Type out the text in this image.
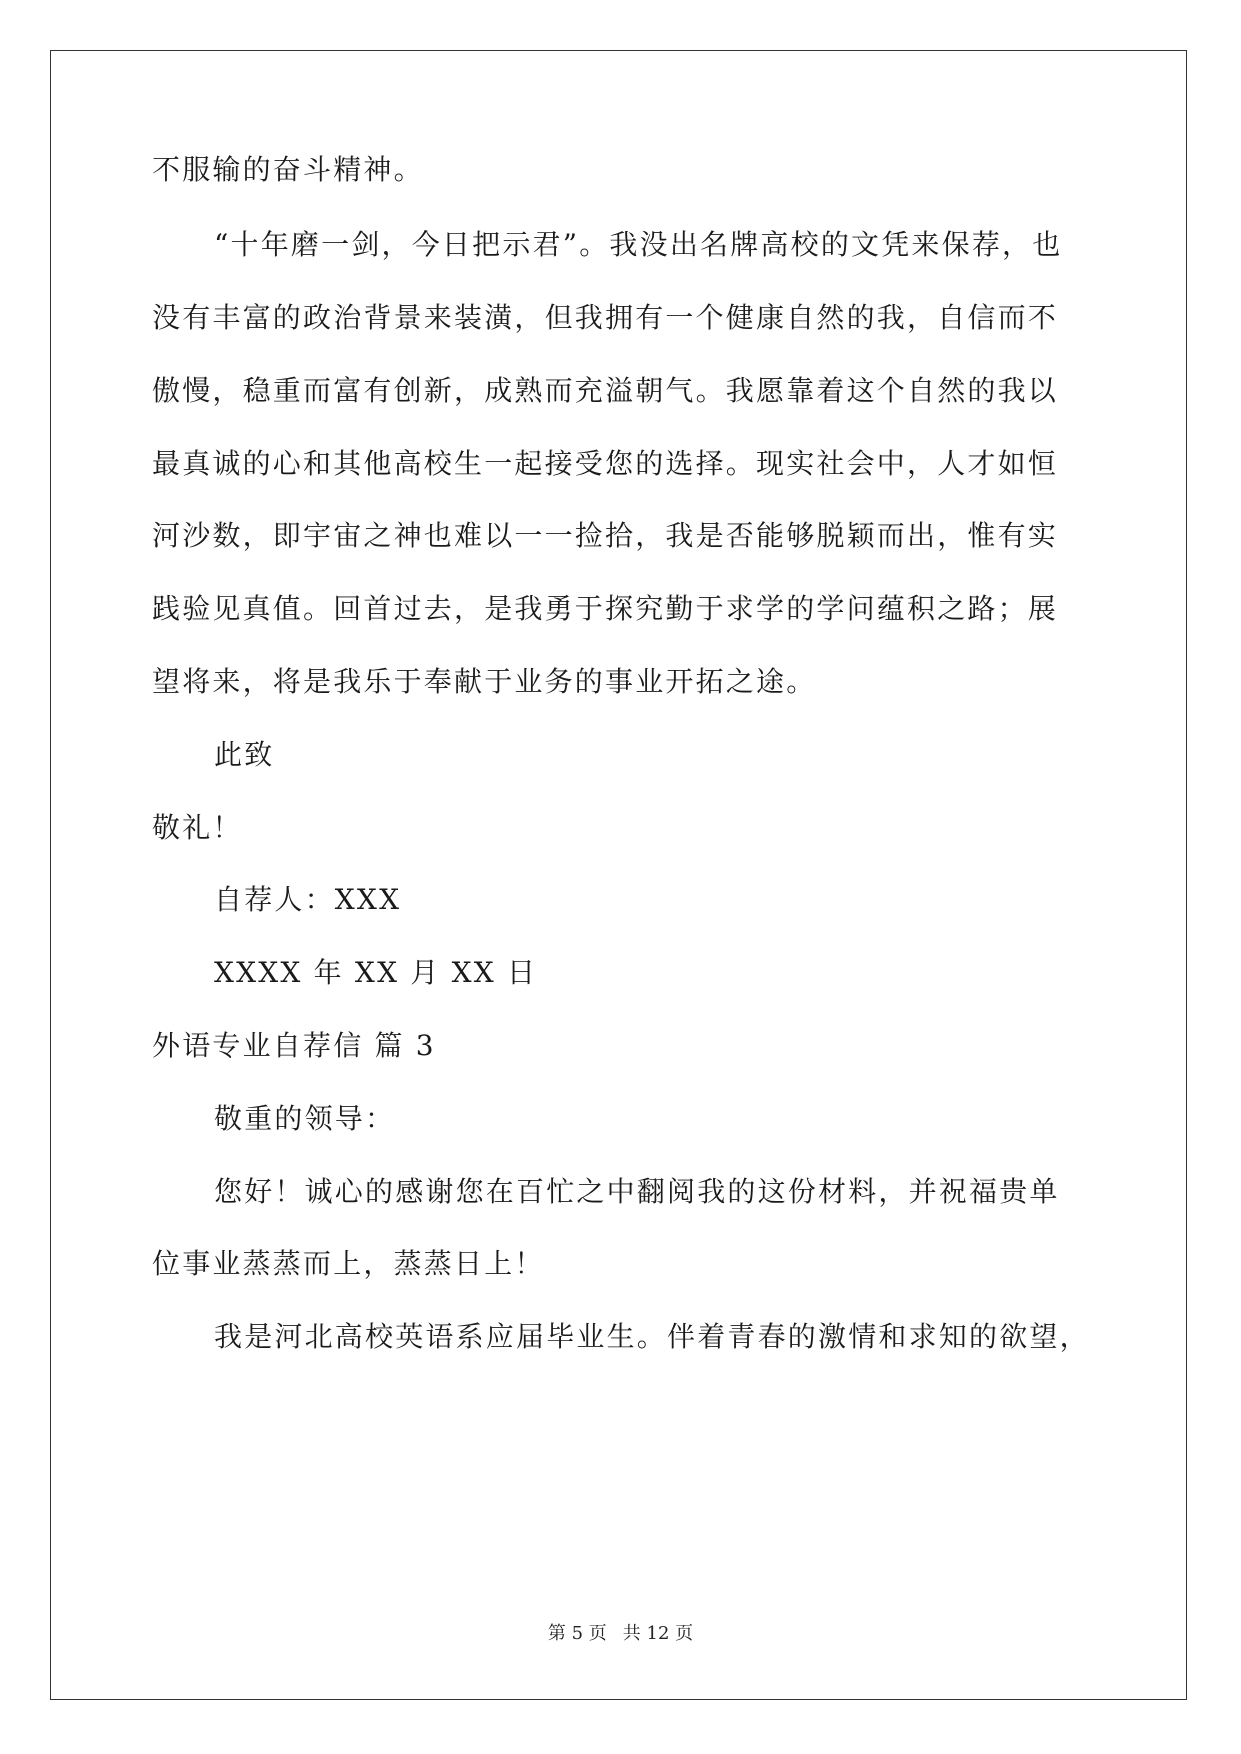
不服输的奋斗精神。
“十年磨一剑，今日把示君”。我没出名牌高校的文凭来保荐，也
没有丰富的政治背景来装潢，但我拥有一个健康自然的我，自信而不
傲慢，稳重而富有创新，成熟而充溢朝气。我愿靠着这个自然的我以
最真诚的心和其他高校生一起接受您的选择。现实社会中，人才如恒
河沙数，即宇宙之神也难以一一捡拾，我是否能够脱颖而出，惟有实
践验见真值。回首过去，是我勇于探究勤于求学的学问蕴积之路；展
望将来，将是我乐于奉献于业务的事业开拓之途。
此致
敬礼！
自荐人：XXX
XXXX 年 XX 月 XX 日
外语专业自荐信 篇 3
敬重的领导：
您好！诚心的感谢您在百忙之中翻阅我的这份材料，并祝福贵单
位事业蒸蒸而上，蒸蒸日上！
我是河北高校英语系应届毕业生。伴着青春的激情和求知的欲望，
第 5 页 共 12 页
